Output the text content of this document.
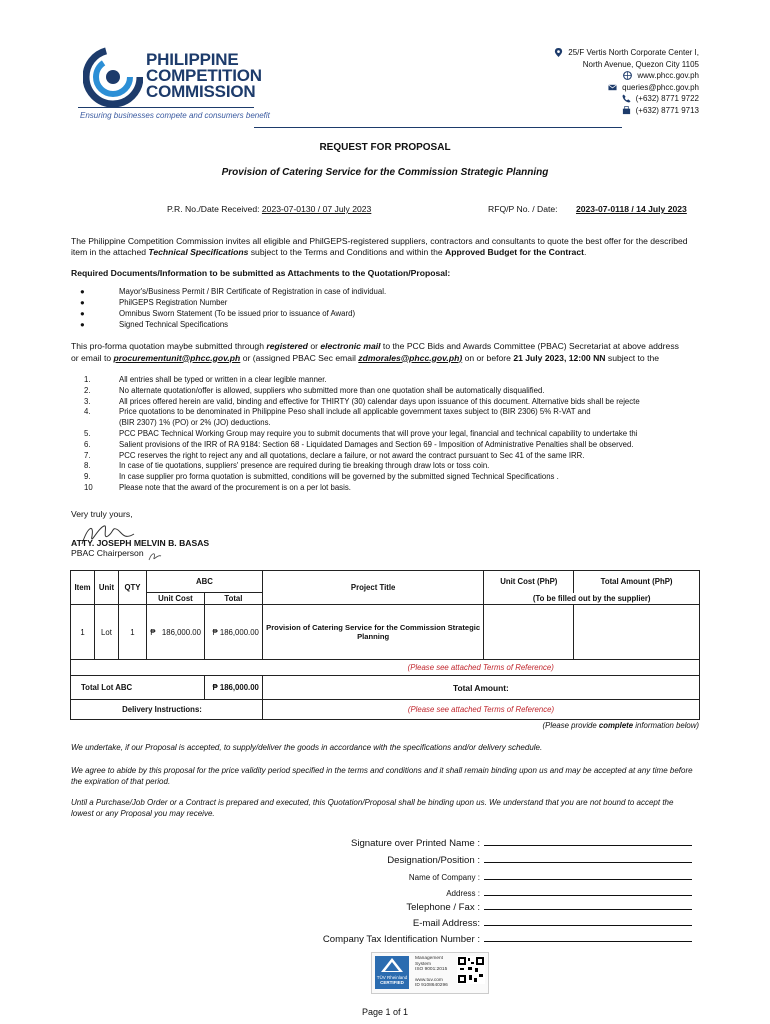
PHILIPPINE
COMPETITION
COMMISSION
Ensuring businesses compete and consumers benefit
25/F Vertis North Corporate Center I,
North Avenue, Quezon City 1105
www.phcc.gov.ph
queries@phcc.gov.ph
(+632) 8771 9722
(+632) 8771 9713
REQUEST FOR PROPOSAL
Provision of Catering Service for the Commission Strategic Planning
P.R. No./Date Received: 2023-07-0130 / 07 July 2023	RFQ/P No. / Date: 2023-07-0118 / 14 July 2023
The Philippine Competition Commission invites all eligible and PhilGEPS-registered suppliers, contractors and consultants to quote the best offer for the described item in the attached Technical Specifications subject to the Terms and Conditions and within the Approved Budget for the Contract.
Required Documents/Information to be submitted as Attachments to the Quotation/Proposal:
●	Mayor's/Business Permit / BIR Certificate of Registration in case of individual.
●	PhilGEPS Registration Number
●	Omnibus Sworn Statement (To be issued prior to issuance of Award)
●	Signed Technical Specifications
This pro-forma quotation maybe submitted through registered or electronic mail to the PCC Bids and Awards Committee (PBAC) Secretariat at above address
or email to procurementunit@phcc.gov.ph or (assigned PBAC Sec email zdmorales@phcc.gov.ph) on or before 21 July 2023, 12:00 NN subject to the
1.	All entries shall be typed or written in a clear legible manner.
2.	No alternate quotation/offer is allowed, suppliers who submitted more than one quotation shall be automatically disqualified.
3.	All prices offered herein are valid, binding and effective for THIRTY (30) calendar days upon issuance of this document. Alternative bids shall be rejecte
4.	Price quotations to be denominated in Philippine Peso shall include all applicable government taxes subject to (BIR 2306) 5% R-VAT and
(BIR 2307) 1% (PO) or 2% (JO) deductions.
5.	PCC PBAC Technical Working Group may require you to submit documents that will prove your legal, financial and technical capability to undertake thi
6.	Salient provisions of the IRR of RA 9184: Section 68 - Liquidated Damages and Section 69 - Imposition of Administrative Penalties shall be observed.
7.	PCC reserves the right to reject any and all quotations, declare a failure, or not award the contract pursuant to Sec 41 of the same IRR.
8.	In case of tie quotations, suppliers' presence are required during tie breaking through draw lots or toss coin.
9.	In case supplier pro forma quotation is submitted, conditions will be governed by the submitted signed Technical Specifications .
10	Please note that the award of the procurement is on a per lot basis.
Very truly yours,
ATTY. JOSEPH MELVIN B. BASAS
PBAC Chairperson
Item	Unit	QTY	ABC		Project Title	Unit Cost (PhP)	Total Amount (PhP)
			Unit Cost	Total		(To be filled out by the supplier)	
1	Lot	1	₱   186,000.00	₱ 186,000.00	Provision of Catering Service for the Commission Strategic Planning		
					(Please see attached Terms of Reference)		
Total Lot ABC				₱ 186,000.00	Total Amount:		
Delivery Instructions:					(Please see attached Terms of Reference)		
(Please provide complete information below)
We undertake, if our Proposal is accepted, to supply/deliver the goods in accordance with the specifications and/or delivery schedule.
We agree to abide by this proposal for the price validity period specified in the terms and conditions and it shall remain binding upon us and may be accepted at any time before the expiration of that period.
Until a Purchase/Job Order or a Contract is prepared and executed, this Quotation/Proposal shall be binding upon us. We understand that you are not bound to accept the lowest or any Proposal you may receive.
Signature over Printed Name :
Designation/Position :
Name of Company :
Address :
Telephone / Fax :
E-mail Address:
Company Tax Identification Number :
TÜV Rheinland
CERTIFIED
Management
System
ISO 9001:2015
www.tuv.com
ID 9108640296
Page 1 of 1
